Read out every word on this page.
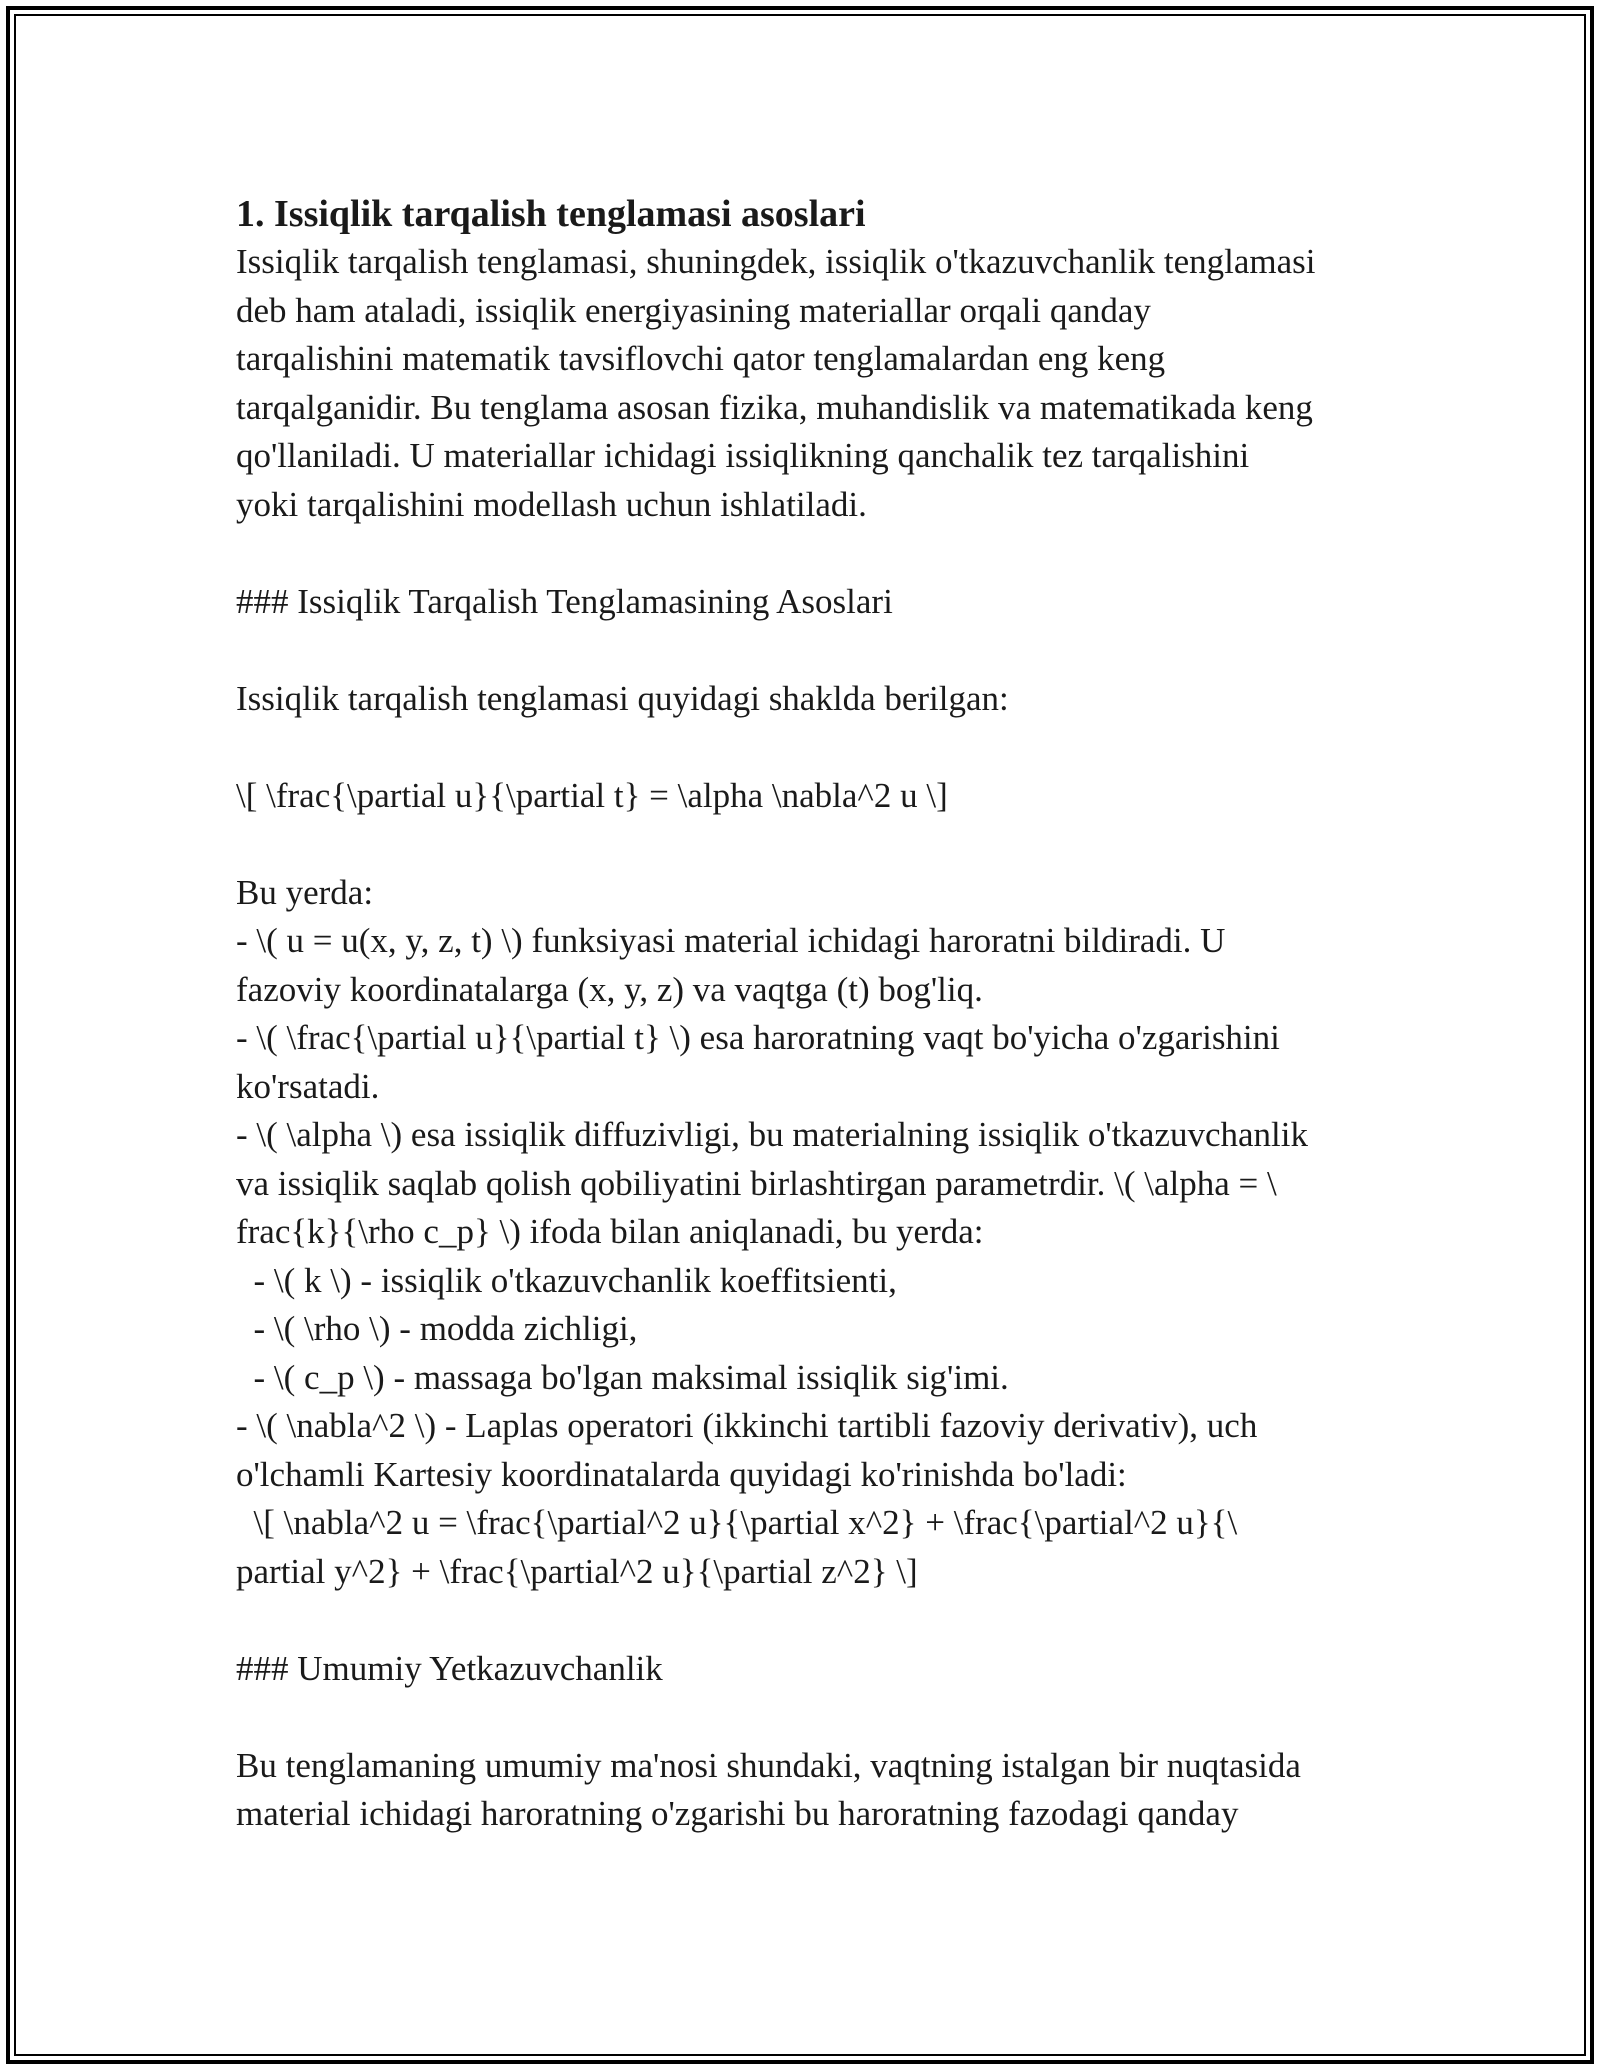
1. Issiqlik tarqalish tenglamasi asoslari

Issiqlik tarqalish tenglamasi, shuningdek, issiqlik o'tkazuvchanlik tenglamasi

deb ham ataladi, issiqlik energiyasining materiallar orqali qanday

tarqalishini matematik tavsiflovchi qator tenglamalardan eng keng

tarqalganidir. Bu tenglama asosan fizika, muhandislik va matematikada keng

qo'llaniladi. U materiallar ichidagi issiqlikning qanchalik tez tarqalishini

yoki tarqalishini modellash uchun ishlatiladi.

### Issiqlik Tarqalish Tenglamasining Asoslari

Issiqlik tarqalish tenglamasi quyidagi shaklda berilgan:

\[ \frac{\partial u}{\partial t} = \alpha \nabla^2 u \]

Bu yerda:

- \( u = u(x, y, z, t) \) funksiyasi material ichidagi haroratni bildiradi. U

fazoviy koordinatalarga (x, y, z) va vaqtga (t) bog'liq.

- \( \frac{\partial u}{\partial t} \) esa haroratning vaqt bo'yicha o'zgarishini

ko'rsatadi.

- \( \alpha \) esa issiqlik diffuzivligi, bu materialning issiqlik o'tkazuvchanlik

va issiqlik saqlab qolish qobiliyatini birlashtirgan parametrdir. \( \alpha = \

frac{k}{\rho c_p} \) ifoda bilan aniqlanadi, bu yerda:

- \( k \) - issiqlik o'tkazuvchanlik koeffitsienti,

- \( \rho \) - modda zichligi,

- \( c_p \) - massaga bo'lgan maksimal issiqlik sig'imi.

- \( \nabla^2 \) - Laplas operatori (ikkinchi tartibli fazoviy derivativ), uch

o'lchamli Kartesiy koordinatalarda quyidagi ko'rinishda bo'ladi:

\[ \nabla^2 u = \frac{\partial^2 u}{\partial x^2} + \frac{\partial^2 u}{\

partial y^2} + \frac{\partial^2 u}{\partial z^2} \]

### Umumiy Yetkazuvchanlik

Bu tenglamaning umumiy ma'nosi shundaki, vaqtning istalgan bir nuqtasida

material ichidagi haroratning o'zgarishi bu haroratning fazodagi qanday
